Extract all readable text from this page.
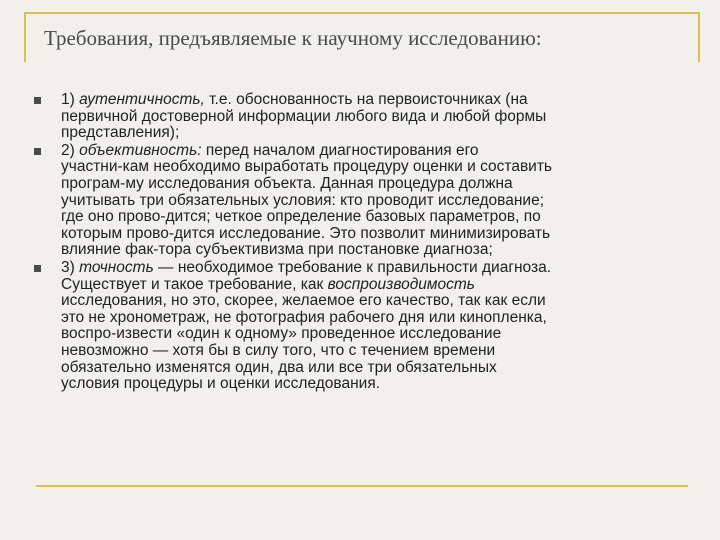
Требования, предъявляемые к научному исследованию:
1) аутентичность, т.е. обоснованность на первоисточниках (на
первичной достоверной информации любого вида и любой формы
представления);
2) объективность: перед началом диагностирования его
участни-кам необходимо выработать процедуру оценки и составить
програм-му исследования объекта. Данная процедура должна
учитывать три обязательных условия: кто проводит исследование;
где оно прово-дится; четкое определение базовых параметров, по
которым прово-дится исследование. Это позволит минимизировать
влияние фак-тора субъективизма при постановке диагноза;
3) точность — необходимое требование к правильности диагноза.
Существует и такое требование, как воспроизводимость
исследования, но это, скорее, желаемое его качество, так как если
это не хронометраж, не фотография рабочего дня или кинопленка,
воспро-извести «один к одному» проведенное исследование
невозможно — хотя бы в силу того, что с течением времени
обязательно изменятся один, два или все три обязательных
условия процедуры и оценки исследования.
